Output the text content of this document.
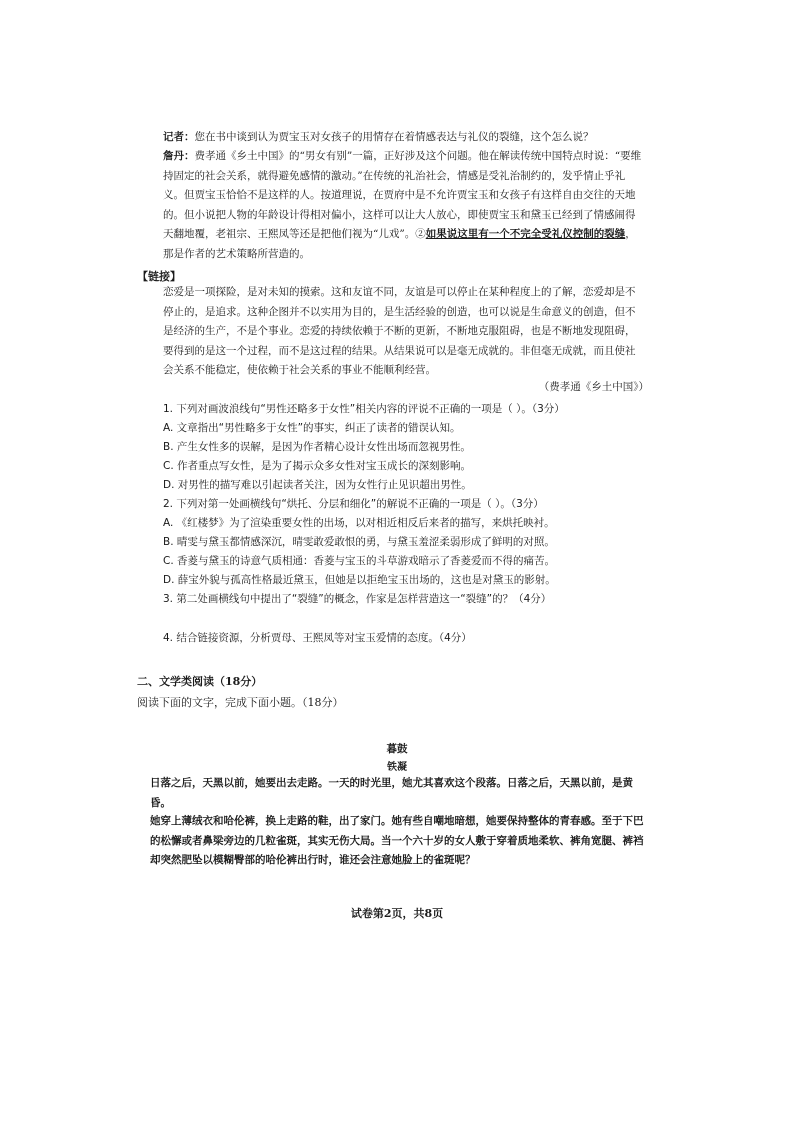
记者：您在书中谈到认为贾宝玉对女孩子的用情存在着情感表达与礼仪的裂缝，这个怎么说？
詹丹：费孝通《乡土中国》的“男女有别”一篇，正好涉及这个问题。他在解读传统中国特点时说：“要维持固定的社会关系，就得避免感情的激动。”在传统的礼治社会，情感是受礼治制约的，发乎情止乎礼义。但贾宝玉恰恰不是这样的人。按道理说，在贾府中是不允许贾宝玉和女孩子有这样自由交往的天地的。但小说把人物的年龄设计得相对偏小，这样可以让大人放心，即使贾宝玉和黛玉已经到了情感闹得天翻地覆，老祖宗、王熙凤等还是把他们视为“儿戏”。②如果说这里有一个不完全受礼仪控制的裂缝，那是作者的艺术策略所营造的。
【链接】
恋爱是一项探险，是对未知的摸索。这和友谊不同，友谊是可以停止在某种程度上的了解，恋爱却是不停止的，是追求。这种企图并不以实用为目的，是生活经验的创造，也可以说是生命意义的创造，但不是经济的生产，不是个事业。恋爱的持续依赖于不断的更新，不断地克服阻碍，也是不断地发现阻碍，要得到的是这一个过程，而不是这过程的结果。从结果说可以是毫无成就的。非但毫无成就，而且使社会关系不能稳定，使依赖于社会关系的事业不能顺利经营。
（费孝通《乡土中国》）
1. 下列对画波浪线句“男性还略多于女性”相关内容的评说不正确的一项是（ ）。（3分）
A. 文章指出“男性略多于女性”的事实，纠正了读者的错误认知。
B. 产生女性多的误解，是因为作者精心设计女性出场而忽视男性。
C. 作者重点写女性，是为了揭示众多女性对宝玉成长的深刻影响。
D. 对男性的描写难以引起读者关注，因为女性行止见识超出男性。
2. 下列对第一处画横线句“烘托、分层和细化”的解说不正确的一项是（ ）。（3分）
A. 《红楼梦》为了渲染重要女性的出场，以对相近相反后来者的描写，来烘托映衬。
B. 晴雯与黛玉都情感深沉，晴雯敢爱敢恨的勇，与黛玉羞涩柔弱形成了鲜明的对照。
C. 香菱与黛玉的诗意气质相通：香菱与宝玉的斗草游戏暗示了香菱爱而不得的痛苦。
D. 薛宝外貌与孤高性格最近黛玉，但她是以拒绝宝玉出场的，这也是对黛玉的影射。
3. 第二处画横线句中提出了“裂缝”的概念，作家是怎样营造这一“裂缝”的？（4分）
4. 结合链接资源，分析贾母、王熙凤等对宝玉爱情的态度。（4分）
二、文学类阅读（18分）
阅读下面的文字，完成下面小题。（18分）
暮鼓
铁凝
日落之后，天黑以前，她要出去走路。一天的时光里，她尤其喜欢这个段落。日落之后，天黑以前，是黄昏。
她穿上薄绒衣和哈伦裤，换上走路的鞋，出了家门。她有些自嘲地暗想，她要保持整体的青春感。至于下巴的松懈或者鼻梁旁边的几粒雀斑，其实无伤大局。当一个六十岁的女人敷于穿着质地柔软、裤角宽腿、裤裆却突然肥坠以模糊臀部的哈伦裤出行时，谁还会注意她脸上的雀斑呢？
试卷第2页，共8页
